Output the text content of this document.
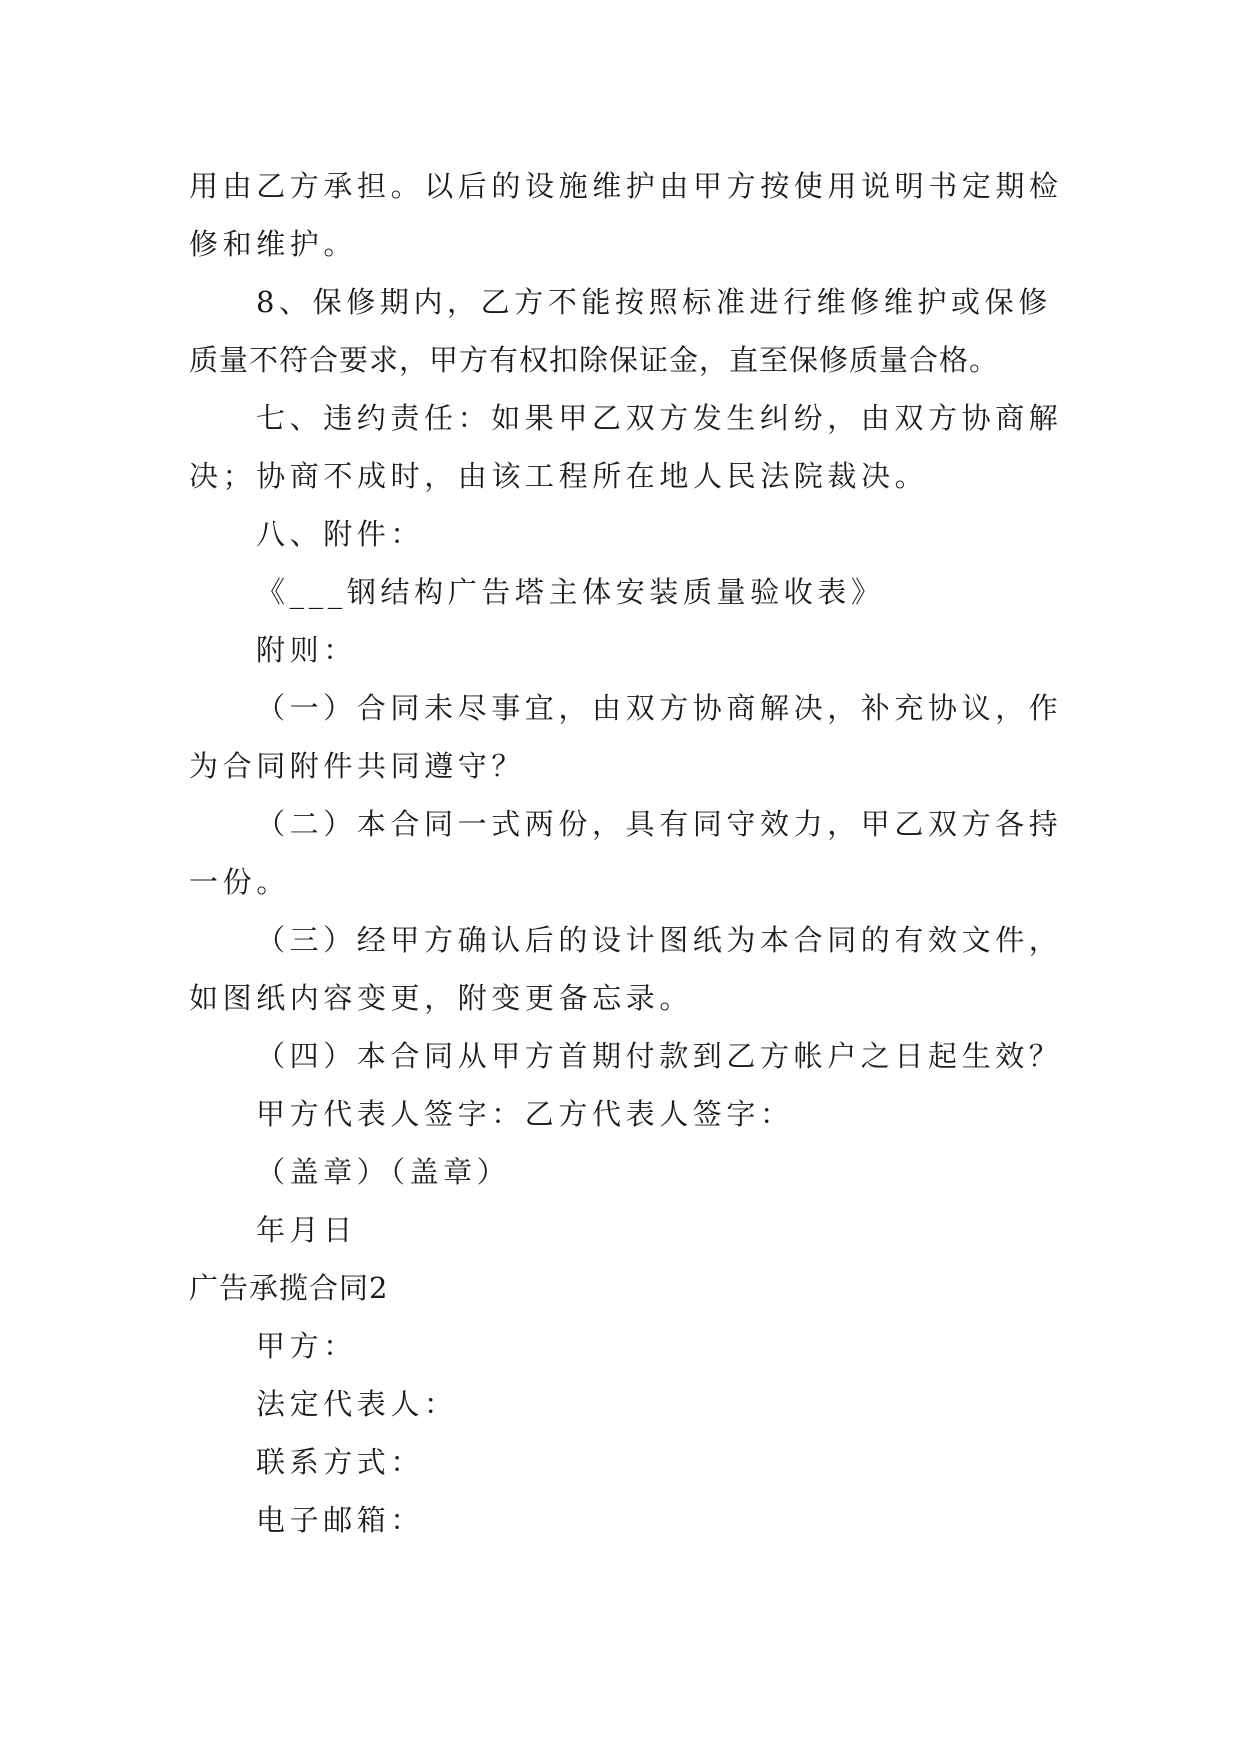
用由乙方承担。以后的设施维护由甲方按使用说明书定期检
修和维护。
8、保修期内，乙方不能按照标准进行维修维护或保修
质量不符合要求，甲方有权扣除保证金，直至保修质量合格。
七、违约责任：如果甲乙双方发生纠纷，由双方协商解
决；协商不成时，由该工程所在地人民法院裁决。
八、附件：
《___钢结构广告塔主体安装质量验收表》
附则：
（一）合同未尽事宜，由双方协商解决，补充协议，作
为合同附件共同遵守？
（二）本合同一式两份，具有同守效力，甲乙双方各持
一份。
（三）经甲方确认后的设计图纸为本合同的有效文件，
如图纸内容变更，附变更备忘录。
（四）本合同从甲方首期付款到乙方帐户之日起生效？
甲方代表人签字：乙方代表人签字：
（盖章）（盖章）
年月日
广告承揽合同2
甲方：
法定代表人：
联系方式：
电子邮箱：
